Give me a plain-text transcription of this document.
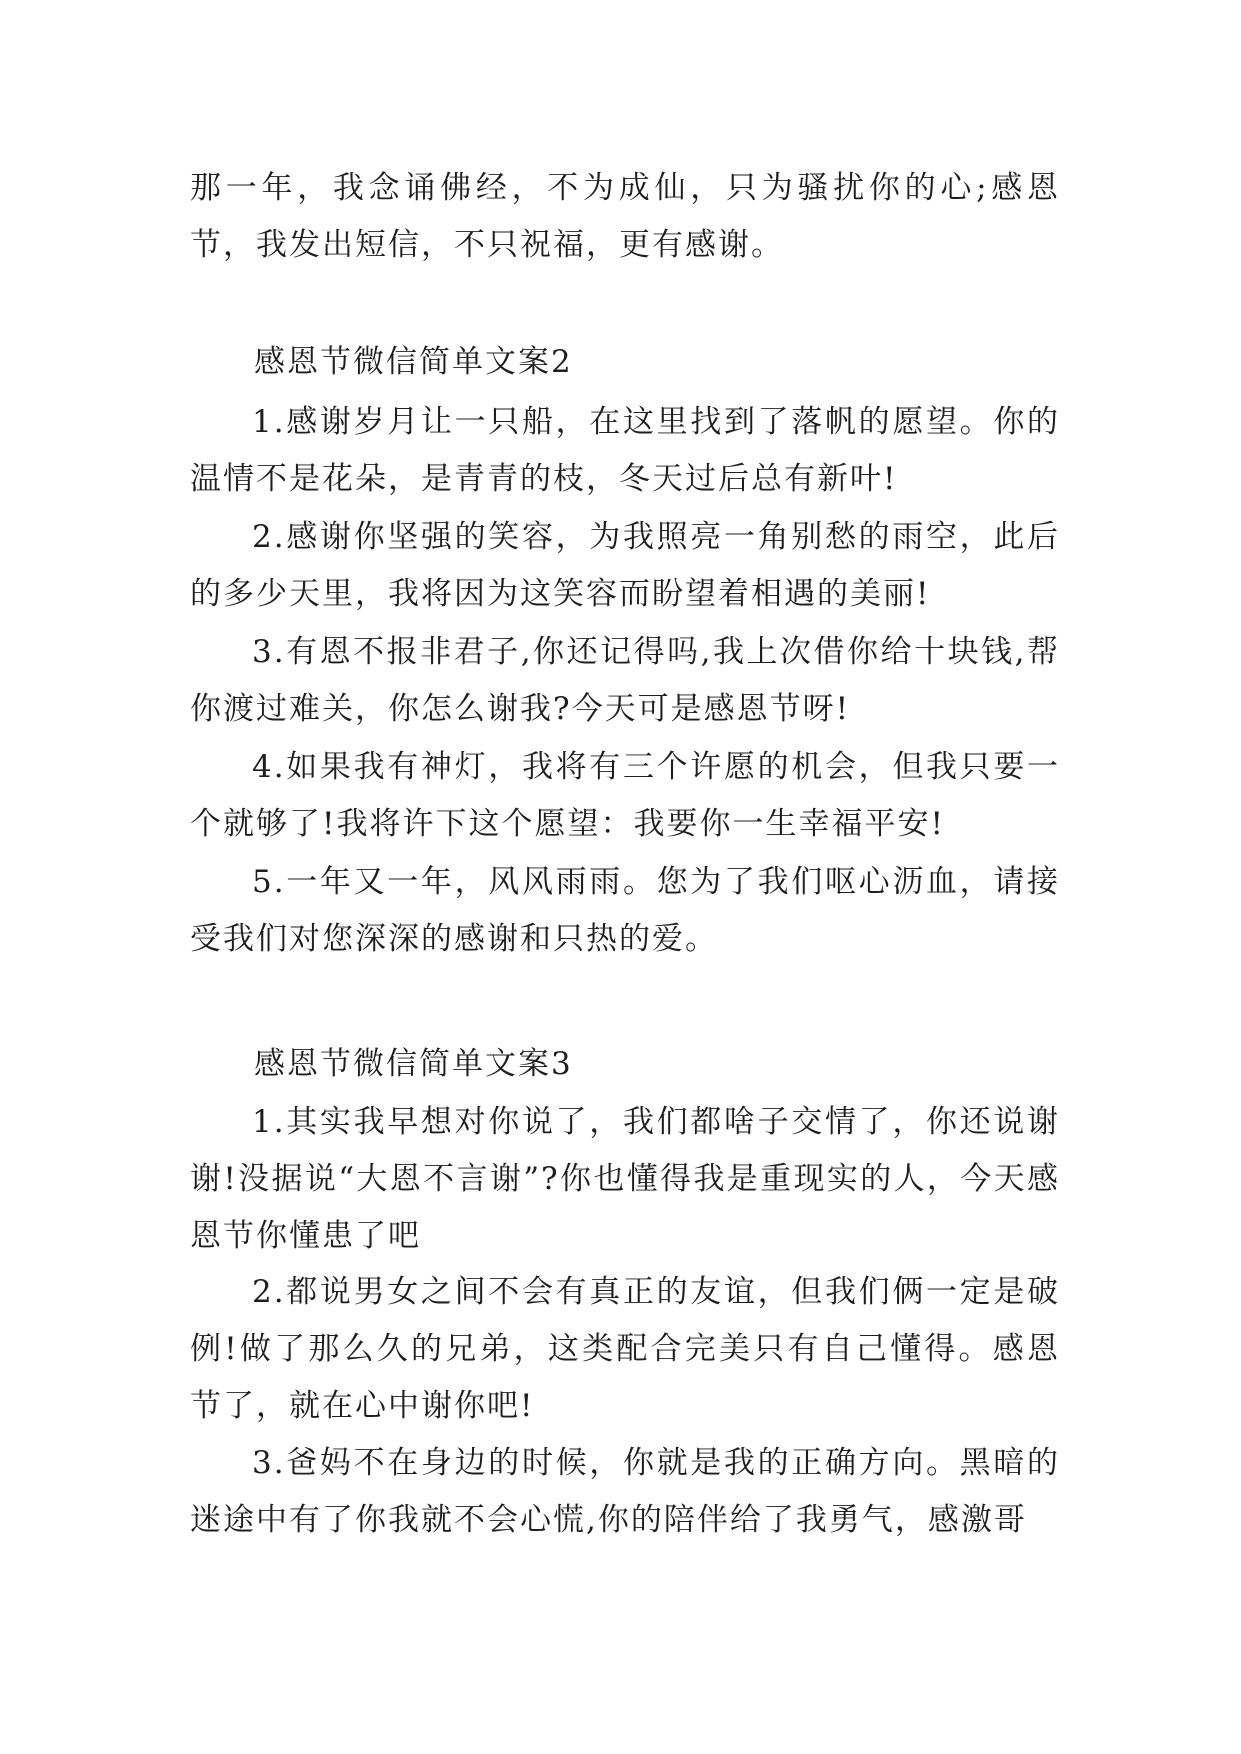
那一年，我念诵佛经，不为成仙，只为骚扰你的心;感恩节，我发出短信，不只祝福，更有感谢。

感恩节微信简单文案2

1.感谢岁月让一只船，在这里找到了落帆的愿望。你的温情不是花朵，是青青的枝，冬天过后总有新叶!

2.感谢你坚强的笑容，为我照亮一角别愁的雨空，此后的多少天里，我将因为这笑容而盼望着相遇的美丽!

3.有恩不报非君子,你还记得吗,我上次借你给十块钱,帮你渡过难关，你怎么谢我?今天可是感恩节呀!

4.如果我有神灯，我将有三个许愿的机会，但我只要一个就够了!我将许下这个愿望：我要你一生幸福平安!

5.一年又一年，风风雨雨。您为了我们呕心沥血，请接受我们对您深深的感谢和只热的爱。

感恩节微信简单文案3

1.其实我早想对你说了，我们都啥子交情了，你还说谢谢!没据说“大恩不言谢”?你也懂得我是重现实的人，今天感恩节你懂患了吧

2.都说男女之间不会有真正的友谊，但我们俩一定是破例!做了那么久的兄弟，这类配合完美只有自己懂得。感恩节了，就在心中谢你吧!

3.爸妈不在身边的时候，你就是我的正确方向。黑暗的迷途中有了你我就不会心慌,你的陪伴给了我勇气，感激哥
